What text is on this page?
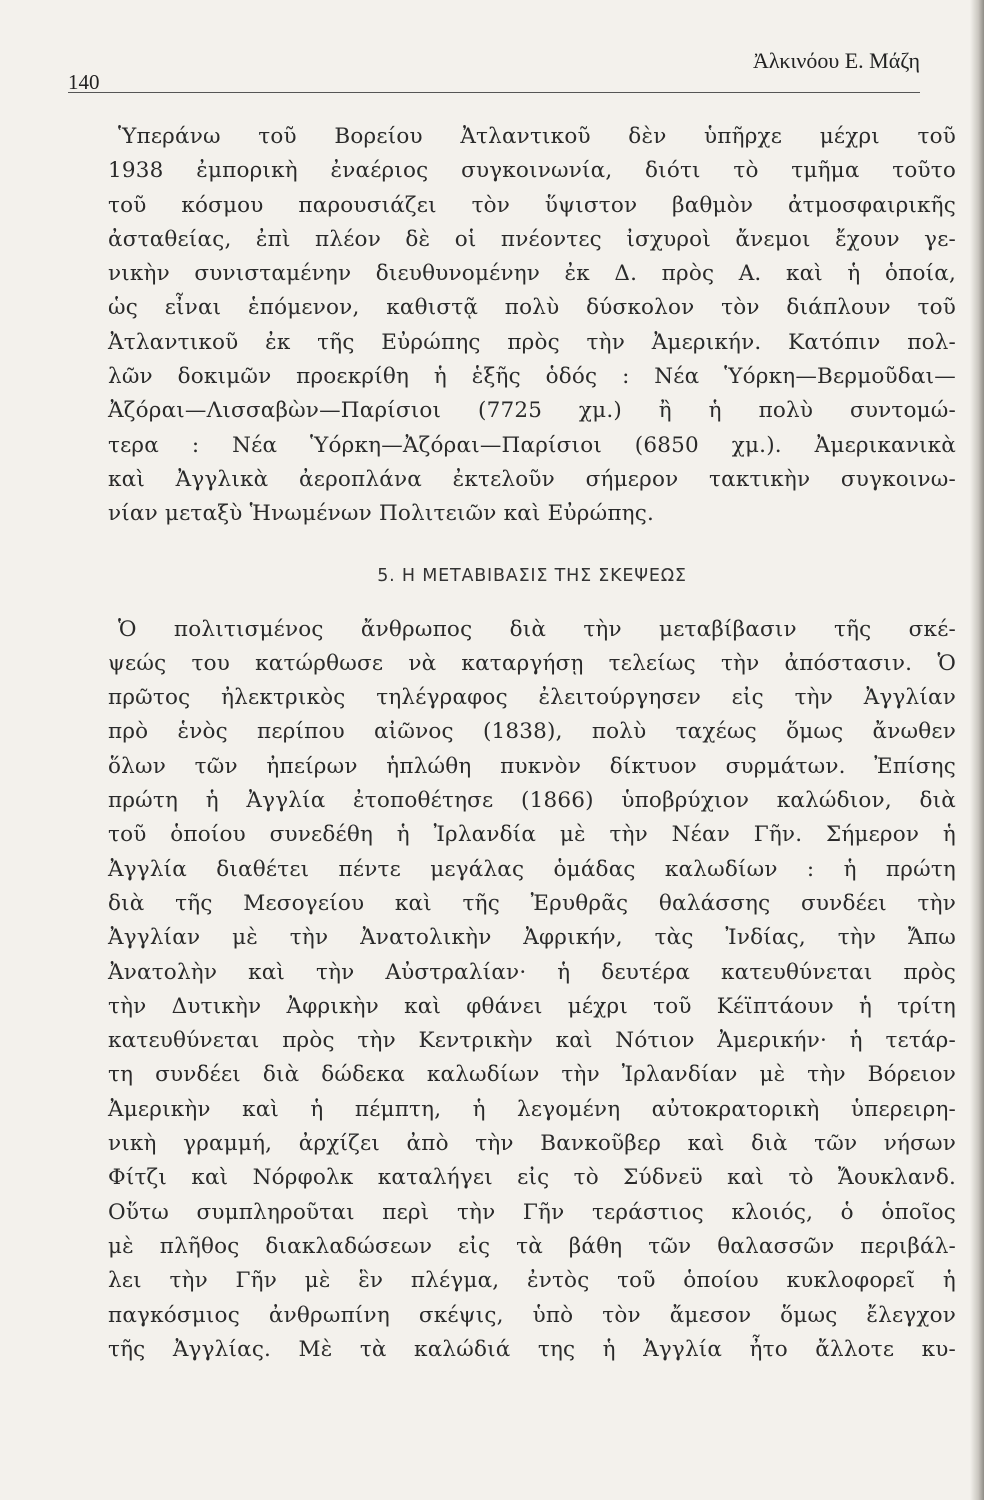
140
Ἀλκινόου Ε. Μάζη
Ὑπεράνω τοῦ Βορείου Ἀτλαντικοῦ δὲν ὑπῆρχε μέχρι τοῦ
1938 ἐμπορικὴ ἐναέριος συγκοινωνία, διότι τὸ τμῆμα τοῦτο
τοῦ κόσμου παρουσιάζει τὸν ὕψιστον βαθμὸν ἀτμοσφαιρικῆς
ἀσταθείας, ἐπὶ πλέον δὲ οἱ πνέοντες ἰσχυροὶ ἄνεμοι ἔχουν γε-
νικὴν συνισταμένην διευθυνομένην ἐκ Δ. πρὸς Α. καὶ ἡ ὁποία,
ὡς εἶναι ἑπόμενον, καθιστᾷ πολὺ δύσκολον τὸν διάπλουν τοῦ
Ἀτλαντικοῦ ἐκ τῆς Εὐρώπης πρὸς τὴν Ἀμερικήν. Κατόπιν πολ-
λῶν δοκιμῶν προεκρίθη ἡ ἑξῆς ὁδός : Νέα Ὑόρκη—Βερμοῦδαι—
Ἀζόραι—Λισσαβὼν—Παρίσιοι (7725 χμ.) ἢ ἡ πολὺ συντομώ-
τερα : Νέα Ὑόρκη—Ἀζόραι—Παρίσιοι (6850 χμ.). Ἀμερικανικὰ
καὶ Ἀγγλικὰ ἀεροπλάνα ἐκτελοῦν σήμερον τακτικὴν συγκοινω-
νίαν μεταξὺ Ἡνωμένων Πολιτειῶν καὶ Εὐρώπης.
5. Η ΜΕΤΑΒΙΒΑΣΙΣ ΤΗΣ ΣΚΕΨΕΩΣ
Ὁ πολιτισμένος ἄνθρωπος διὰ τὴν μεταβίβασιν τῆς σκέ-
ψεώς του κατώρθωσε νὰ καταργήσῃ τελείως τὴν ἀπόστασιν. Ὁ
πρῶτος ἠλεκτρικὸς τηλέγραφος ἐλειτούργησεν εἰς τὴν Ἀγγλίαν
πρὸ ἑνὸς περίπου αἰῶνος (1838), πολὺ ταχέως ὅμως ἄνωθεν
ὅλων τῶν ἠπείρων ἡπλώθη πυκνὸν δίκτυον συρμάτων. Ἐπίσης
πρώτη ἡ Ἀγγλία ἐτοποθέτησε (1866) ὑποβρύχιον καλώδιον, διὰ
τοῦ ὁποίου συνεδέθη ἡ Ἰρλανδία μὲ τὴν Νέαν Γῆν. Σήμερον ἡ
Ἀγγλία διαθέτει πέντε μεγάλας ὁμάδας καλωδίων : ἡ πρώτη
διὰ τῆς Μεσογείου καὶ τῆς Ἐρυθρᾶς θαλάσσης συνδέει τὴν
Ἀγγλίαν μὲ τὴν Ἀνατολικὴν Ἀφρικήν, τὰς Ἰνδίας, τὴν Ἄπω
Ἀνατολὴν καὶ τὴν Αὐστραλίαν· ἡ δευτέρα κατευθύνεται πρὸς
τὴν Δυτικὴν Ἀφρικὴν καὶ φθάνει μέχρι τοῦ Κέϊπτάουν ἡ τρίτη
κατευθύνεται πρὸς τὴν Κεντρικὴν καὶ Νότιον Ἀμερικήν· ἡ τετάρ-
τη συνδέει διὰ δώδεκα καλωδίων τὴν Ἰρλανδίαν μὲ τὴν Βόρειον
Ἀμερικὴν καὶ ἡ πέμπτη, ἡ λεγομένη αὐτοκρατορικὴ ὑπερειρη-
νικὴ γραμμή, ἀρχίζει ἀπὸ τὴν Βανκοῦβερ καὶ διὰ τῶν νήσων
Φίτζι καὶ Νόρφολκ καταλήγει εἰς τὸ Σύδνεϋ καὶ τὸ Ἄουκλανδ.
Οὕτω συμπληροῦται περὶ τὴν Γῆν τεράστιος κλοιός, ὁ ὁποῖος
μὲ πλῆθος διακλαδώσεων εἰς τὰ βάθη τῶν θαλασσῶν περιβάλ-
λει τὴν Γῆν μὲ ἓν πλέγμα, ἐντὸς τοῦ ὁποίου κυκλοφορεῖ ἡ
παγκόσμιος ἀνθρωπίνη σκέψις, ὑπὸ τὸν ἄμεσον ὅμως ἔλεγχον
τῆς Ἀγγλίας. Μὲ τὰ καλώδιά της ἡ Ἀγγλία ἦτο ἄλλοτε κυ-
